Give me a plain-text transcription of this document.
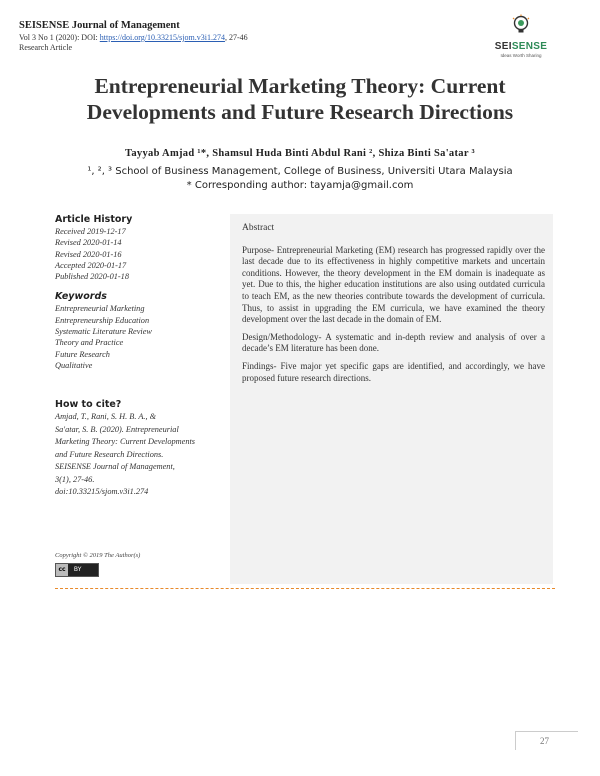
SEISENSE Journal of Management
Vol 3 No 1 (2020): DOI: https://doi.org/10.33215/sjom.v3i1.274, 27-46
Research Article	SEISENSE
Ideas Worth Sharing
Entrepreneurial Marketing Theory: Current Developments and Future Research Directions
Tayyab Amjad ¹*, Shamsul Huda Binti Abdul Rani ², Shiza Binti Sa'atar ³
¹, ², ³ School of Business Management, College of Business, Universiti Utara Malaysia
* Corresponding author: tayamja@gmail.com
Article History
Received 2019-12-17
Revised 2020-01-14
Revised 2020-01-16
Accepted 2020-01-17
Published 2020-01-18
Keywords
Entrepreneurial Marketing
Entrepreneurship Education
Systematic Literature Review
Theory and Practice
Future Research
Qualitative
How to cite?
Amjad, T., Rani, S. H. B. A., &
Sa'atar, S. B. (2020). Entrepreneurial
Marketing Theory: Current Developments
and Future Research Directions.
SEISENSE Journal of Management,
3(1), 27-46.
doi:10.33215/sjom.v3i1.274
Copyright © 2019 The Author(s)
cc BY
Abstract

Purpose- Entrepreneurial Marketing (EM) research has progressed rapidly over the last decade due to its effectiveness in highly competitive markets and uncertain conditions. However, the theory development in the EM domain is inadequate as yet. Due to this, the higher education institutions are also using outdated curricula to teach EM, as the new theories contribute towards the development of curricula. Thus, to assist in upgrading the EM curricula, we have examined the theory development over the last decade in the domain of EM.

Design/Methodology- A systematic and in-depth review and analysis of over a decade’s EM literature has been done.

Findings- Five major yet specific gaps are identified, and accordingly, we have proposed future research directions.

27
